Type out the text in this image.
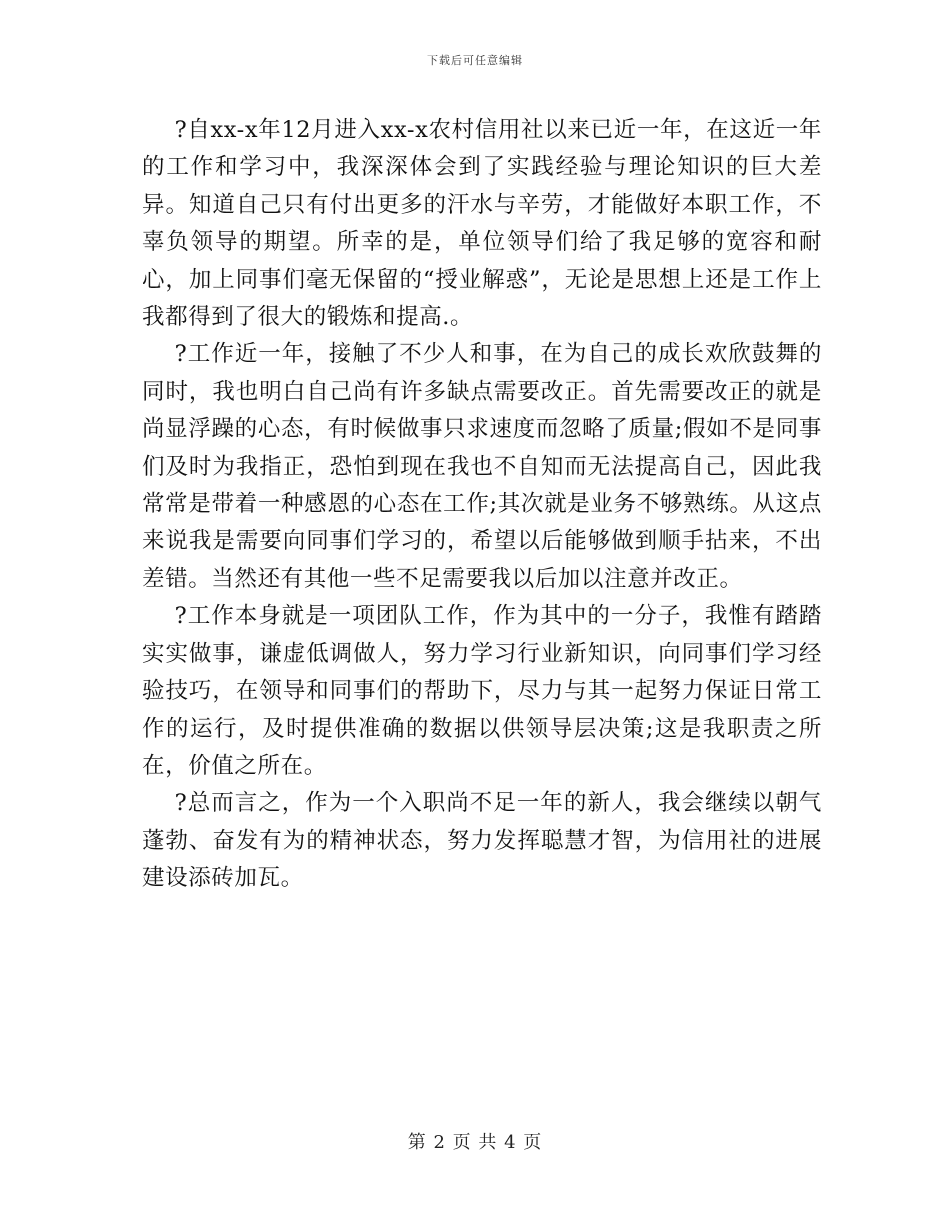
下载后可任意编辑

?自xx-x年12月进入xx-x农村信用社以来已近一年，在这近一年的工作和学习中，我深深体会到了实践经验与理论知识的巨大差异。知道自己只有付出更多的汗水与辛劳，才能做好本职工作，不辜负领导的期望。所幸的是，单位领导们给了我足够的宽容和耐心，加上同事们毫无保留的“授业解惑”，无论是思想上还是工作上我都得到了很大的锻炼和提高.。

?工作近一年，接触了不少人和事，在为自己的成长欢欣鼓舞的同时，我也明白自己尚有许多缺点需要改正。首先需要改正的就是尚显浮躁的心态，有时候做事只求速度而忽略了质量;假如不是同事们及时为我指正，恐怕到现在我也不自知而无法提高自己，因此我常常是带着一种感恩的心态在工作;其次就是业务不够熟练。从这点来说我是需要向同事们学习的，希望以后能够做到顺手拈来，不出差错。当然还有其他一些不足需要我以后加以注意并改正。

?工作本身就是一项团队工作，作为其中的一分子，我惟有踏踏实实做事，谦虚低调做人，努力学习行业新知识，向同事们学习经验技巧，在领导和同事们的帮助下，尽力与其一起努力保证日常工作的运行，及时提供准确的数据以供领导层决策;这是我职责之所在，价值之所在。

?总而言之，作为一个入职尚不足一年的新人，我会继续以朝气蓬勃、奋发有为的精神状态，努力发挥聪慧才智，为信用社的进展建设添砖加瓦。

第 2 页 共 4 页
